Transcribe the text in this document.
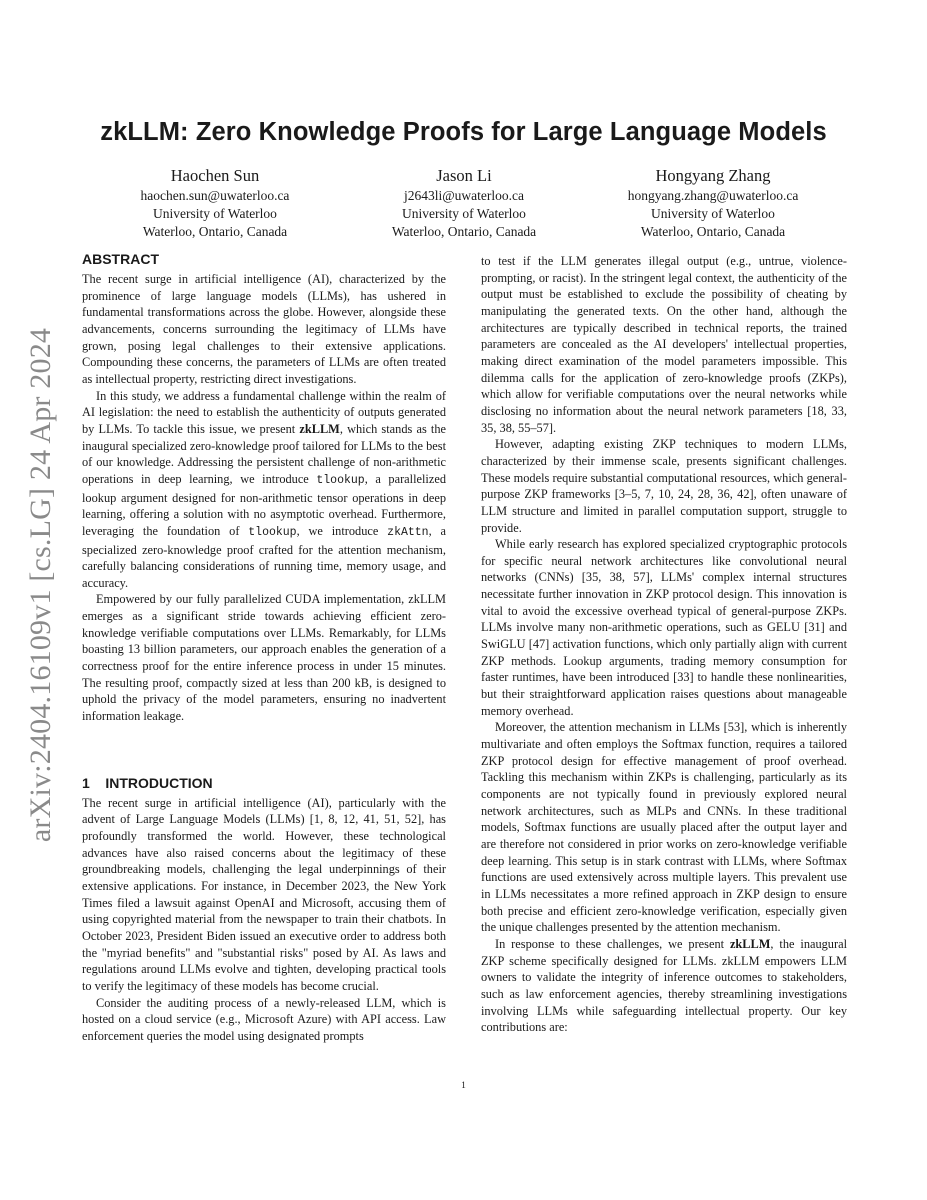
arXiv:2404.16109v1 [cs.LG] 24 Apr 2024
zkLLM: Zero Knowledge Proofs for Large Language Models
Haochen Sun
haochen.sun@uwaterloo.ca
University of Waterloo
Waterloo, Ontario, Canada
Jason Li
j2643li@uwaterloo.ca
University of Waterloo
Waterloo, Ontario, Canada
Hongyang Zhang
hongyang.zhang@uwaterloo.ca
University of Waterloo
Waterloo, Ontario, Canada
ABSTRACT

The recent surge in artificial intelligence (AI), characterized by the prominence of large language models (LLMs), has ushered in fundamental transformations across the globe. However, alongside these advancements, concerns surrounding the legitimacy of LLMs have grown, posing legal challenges to their extensive applications. Compounding these concerns, the parameters of LLMs are often treated as intellectual property, restricting direct investigations.

In this study, we address a fundamental challenge within the realm of AI legislation: the need to establish the authenticity of outputs generated by LLMs. To tackle this issue, we present zkLLM, which stands as the inaugural specialized zero-knowledge proof tailored for LLMs to the best of our knowledge. Addressing the persistent challenge of non-arithmetic operations in deep learning, we introduce tlookup, a parallelized lookup argument designed for non-arithmetic tensor operations in deep learning, offering a solution with no asymptotic overhead. Furthermore, leveraging the foundation of tlookup, we introduce zkAttn, a specialized zero-knowledge proof crafted for the attention mechanism, carefully balancing considerations of running time, memory usage, and accuracy.

Empowered by our fully parallelized CUDA implementation, zkLLM emerges as a significant stride towards achieving efficient zero-knowledge verifiable computations over LLMs. Remarkably, for LLMs boasting 13 billion parameters, our approach enables the generation of a correctness proof for the entire inference process in under 15 minutes. The resulting proof, compactly sized at less than 200 kB, is designed to uphold the privacy of the model parameters, ensuring no inadvertent information leakage.

1    INTRODUCTION

The recent surge in artificial intelligence (AI), particularly with the advent of Large Language Models (LLMs) [1, 8, 12, 41, 51, 52], has profoundly transformed the world. However, these technological advances have also raised concerns about the legitimacy of these groundbreaking models, challenging the legal underpinnings of their extensive applications. For instance, in December 2023, the New York Times filed a lawsuit against OpenAI and Microsoft, accusing them of using copyrighted material from the newspaper to train their chatbots. In October 2023, President Biden issued an executive order to address both the "myriad benefits" and "substantial risks" posed by AI. As laws and regulations around LLMs evolve and tighten, developing practical tools to verify the legitimacy of these models has become crucial.

Consider the auditing process of a newly-released LLM, which is hosted on a cloud service (e.g., Microsoft Azure) with API access. Law enforcement queries the model using designated prompts

to test if the LLM generates illegal output (e.g., untrue, violence-prompting, or racist). In the stringent legal context, the authenticity of the output must be established to exclude the possibility of cheating by manipulating the generated texts. On the other hand, although the architectures are typically described in technical reports, the trained parameters are concealed as the AI developers' intellectual properties, making direct examination of the model parameters impossible. This dilemma calls for the application of zero-knowledge proofs (ZKPs), which allow for verifiable computations over the neural networks while disclosing no information about the neural network parameters [18, 33, 35, 38, 55–57].

However, adapting existing ZKP techniques to modern LLMs, characterized by their immense scale, presents significant challenges. These models require substantial computational resources, which general-purpose ZKP frameworks [3–5, 7, 10, 24, 28, 36, 42], often unaware of LLM structure and limited in parallel computation support, struggle to provide.

While early research has explored specialized cryptographic protocols for specific neural network architectures like convolutional neural networks (CNNs) [35, 38, 57], LLMs' complex internal structures necessitate further innovation in ZKP protocol design. This innovation is vital to avoid the excessive overhead typical of general-purpose ZKPs. LLMs involve many non-arithmetic operations, such as GELU [31] and SwiGLU [47] activation functions, which only partially align with current ZKP methods. Lookup arguments, trading memory consumption for faster runtimes, have been introduced [33] to handle these nonlinearities, but their straightforward application raises questions about manageable memory overhead.

Moreover, the attention mechanism in LLMs [53], which is inherently multivariate and often employs the Softmax function, requires a tailored ZKP protocol design for effective management of proof overhead. Tackling this mechanism within ZKPs is challenging, particularly as its components are not typically found in previously explored neural network architectures, such as MLPs and CNNs. In these traditional models, Softmax functions are usually placed after the output layer and are therefore not considered in prior works on zero-knowledge verifiable deep learning. This setup is in stark contrast with LLMs, where Softmax functions are used extensively across multiple layers. This prevalent use in LLMs necessitates a more refined approach in ZKP design to ensure both precise and efficient zero-knowledge verification, especially given the unique challenges presented by the attention mechanism.

In response to these challenges, we present zkLLM, the inaugural ZKP scheme specifically designed for LLMs. zkLLM empowers LLM owners to validate the integrity of inference outcomes to stakeholders, such as law enforcement agencies, thereby streamlining investigations involving LLMs while safeguarding intellectual property. Our key contributions are:

1
